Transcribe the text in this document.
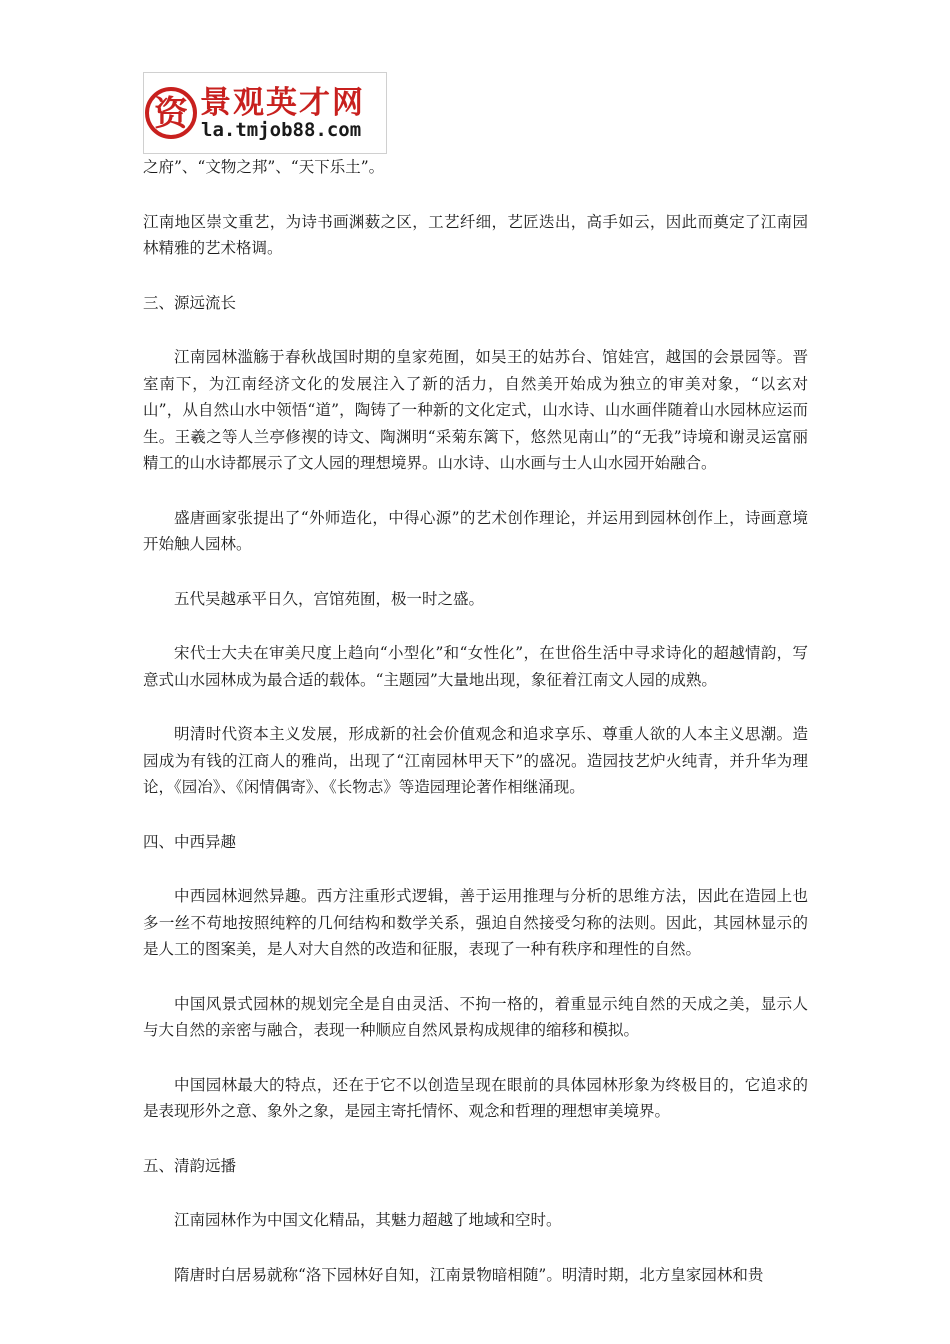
资 景观英才网
la.tmjob88.com

之府”、“文物之邦”、“天下乐土”。

江南地区崇文重艺，为诗书画渊薮之区，工艺纤细，艺匠迭出，高手如云，因此而奠定了江南园林精雅的艺术格调。

三、源远流长

江南园林滥觞于春秋战国时期的皇家苑囿，如吴王的姑苏台、馆娃宫，越国的会景园等。晋室南下，为江南经济文化的发展注入了新的活力，自然美开始成为独立的审美对象，“以玄对山”，从自然山水中领悟“道”，陶铸了一种新的文化定式，山水诗、山水画伴随着山水园林应运而生。王羲之等人兰亭修禊的诗文、陶渊明“采菊东篱下，悠然见南山”的“无我”诗境和谢灵运富丽精工的山水诗都展示了文人园的理想境界。山水诗、山水画与士人山水园开始融合。

盛唐画家张提出了“外师造化，中得心源”的艺术创作理论，并运用到园林创作上，诗画意境开始触人园林。

五代吴越承平日久，宫馆苑囿，极一时之盛。

宋代士大夫在审美尺度上趋向“小型化”和“女性化”，在世俗生活中寻求诗化的超越情韵，写意式山水园林成为最合适的载体。“主题园”大量地出现，象征着江南文人园的成熟。

明清时代资本主义发展，形成新的社会价值观念和追求享乐、尊重人欲的人本主义思潮。造园成为有钱的江商人的雅尚，出现了“江南园林甲天下”的盛况。造园技艺炉火纯青，并升华为理论，《园冶》、《闲情偶寄》、《长物志》等造园理论著作相继涌现。

四、中西异趣

中西园林迥然异趣。西方注重形式逻辑，善于运用推理与分析的思维方法，因此在造园上也多一丝不苟地按照纯粹的几何结构和数学关系，强迫自然接受匀称的法则。因此，其园林显示的是人工的图案美，是人对大自然的改造和征服，表现了一种有秩序和理性的自然。

中国风景式园林的规划完全是自由灵活、不拘一格的，着重显示纯自然的天成之美，显示人与大自然的亲密与融合，表现一种顺应自然风景构成规律的缩移和模拟。

中国园林最大的特点，还在于它不以创造呈现在眼前的具体园林形象为终极目的，它追求的是表现形外之意、象外之象，是园主寄托情怀、观念和哲理的理想审美境界。

五、清韵远播

江南园林作为中国文化精品，其魅力超越了地域和空时。

隋唐时白居易就称“洛下园林好自知，江南景物暗相随”。明清时期，北方皇家园林和贵
